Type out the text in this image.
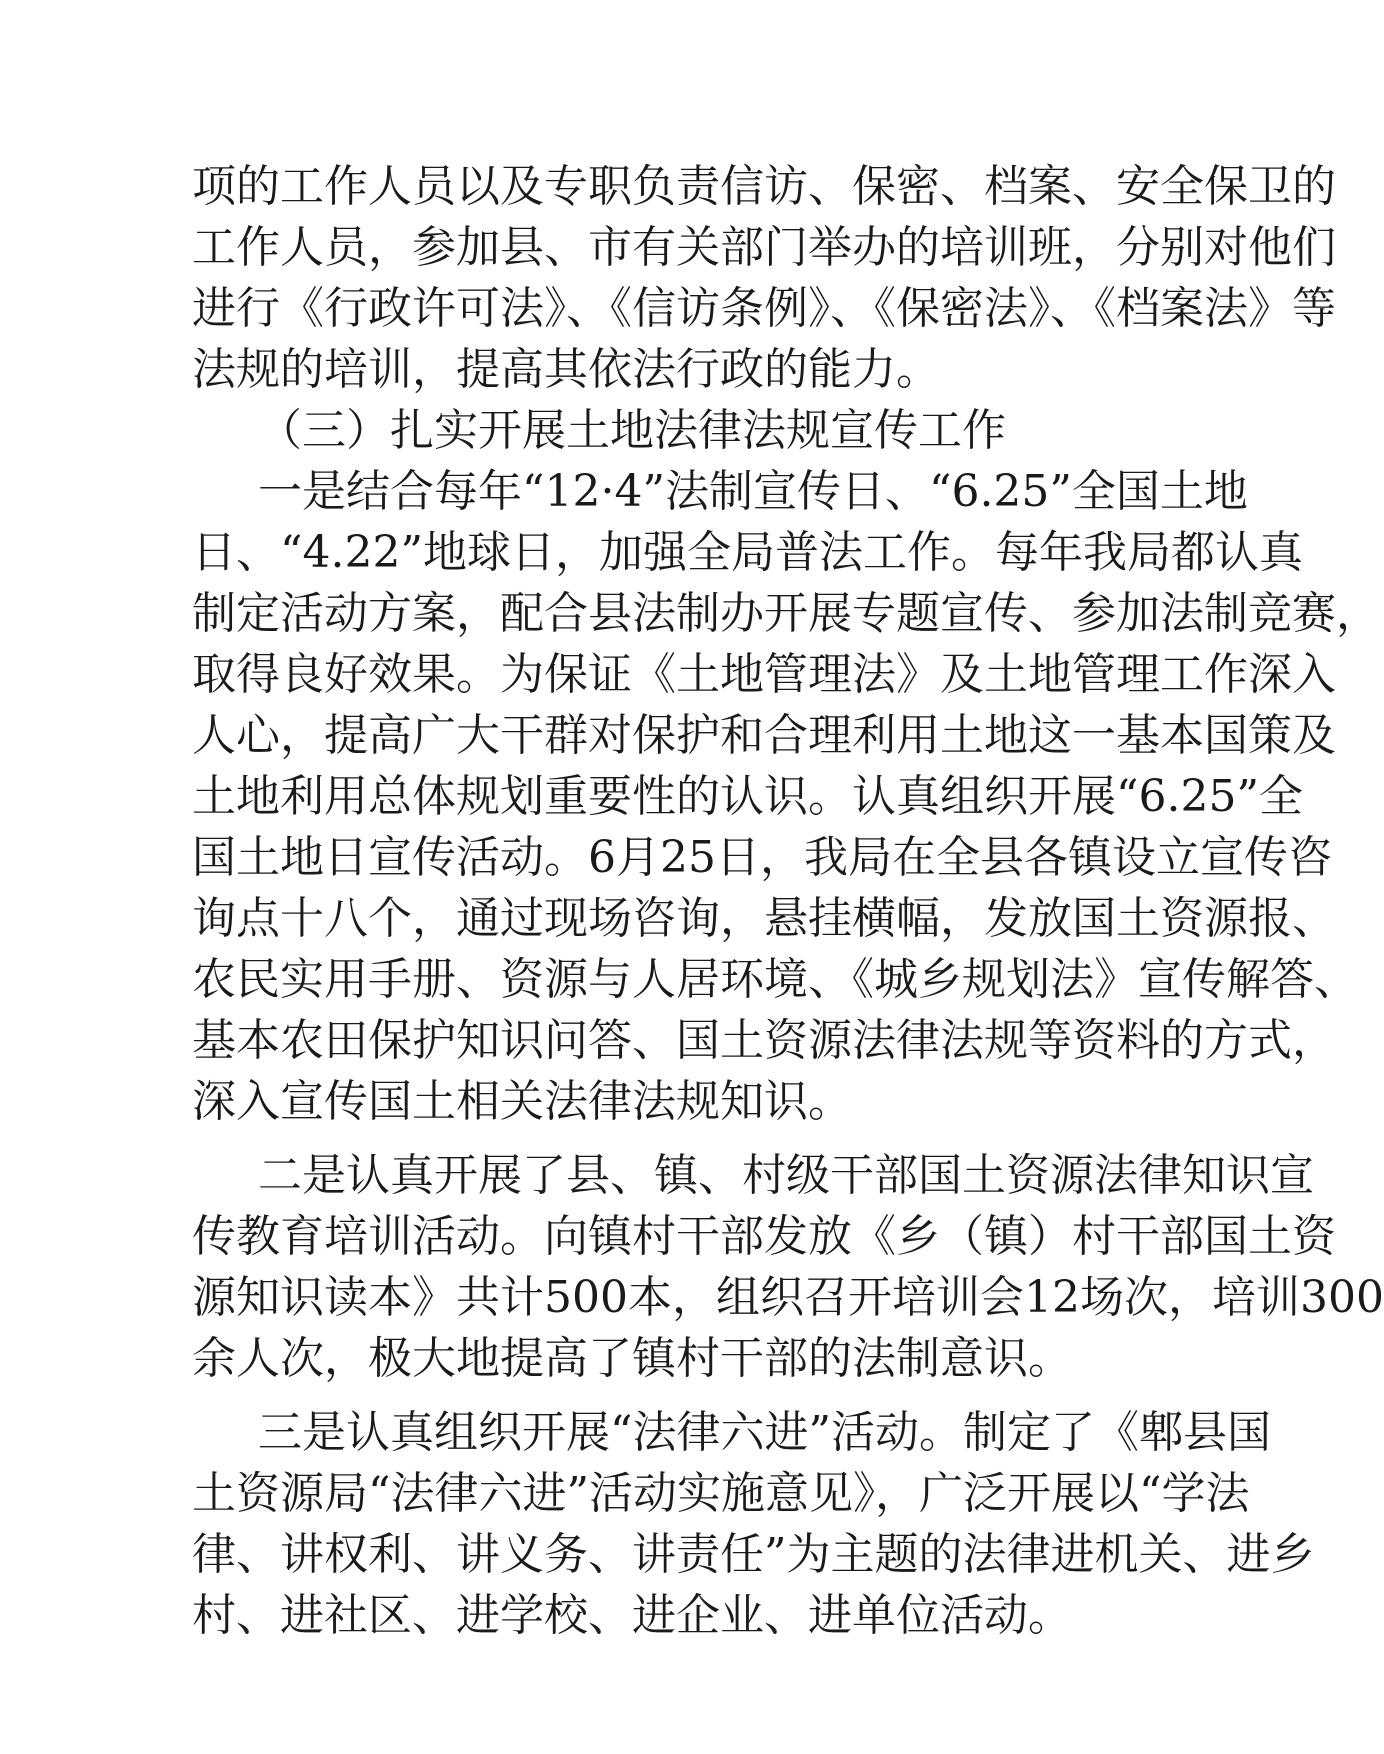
项的工作人员以及专职负责信访、保密、档案、安全保卫的
工作人员，参加县、市有关部门举办的培训班，分别对他们
进行《行政许可法》、《信访条例》、《保密法》、《档案法》等
法规的培训，提高其依法行政的能力。
（三）扎实开展土地法律法规宣传工作
一是结合每年“12·4”法制宣传日、“6.25”全国土地
日、“4.22”地球日，加强全局普法工作。每年我局都认真
制定活动方案，配合县法制办开展专题宣传、参加法制竞赛，
取得良好效果。为保证《土地管理法》及土地管理工作深入
人心，提高广大干群对保护和合理利用土地这一基本国策及
土地利用总体规划重要性的认识。认真组织开展“6.25”全
国土地日宣传活动。6月25日，我局在全县各镇设立宣传咨
询点十八个，通过现场咨询，悬挂横幅，发放国土资源报、
农民实用手册、资源与人居环境、《城乡规划法》宣传解答、
基本农田保护知识问答、国土资源法律法规等资料的方式，
深入宣传国土相关法律法规知识。
二是认真开展了县、镇、村级干部国土资源法律知识宣
传教育培训活动。向镇村干部发放《乡（镇）村干部国土资
源知识读本》共计500本，组织召开培训会12场次，培训300
余人次，极大地提高了镇村干部的法制意识。
三是认真组织开展“法律六进”活动。制定了《郫县国
土资源局“法律六进”活动实施意见》，广泛开展以“学法
律、讲权利、讲义务、讲责任”为主题的法律进机关、进乡
村、进社区、进学校、进企业、进单位活动。
